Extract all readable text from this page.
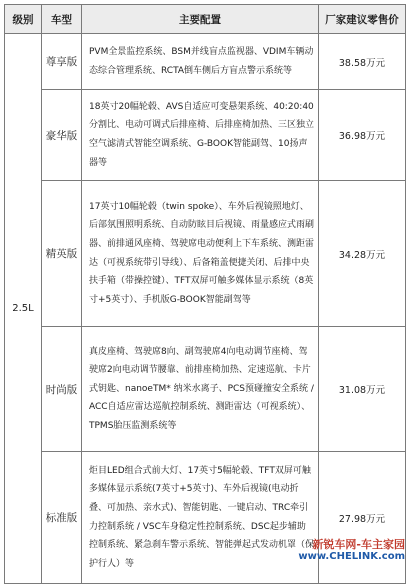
级别	车型	主要配置	厂家建议零售价
2.5L	尊享版	PVM全景监控系统、BSM并线盲点监视器、VDIM车辆动态综合管理系统、RCTA倒车侧后方盲点警示系统等	38.58万元
	豪华版	18英寸20幅轮毂、AVS自适应可变悬架系统、40:20:40分割比、电动可调式后排座椅、后排座椅加热、三区独立空气滤清式智能空调系统、G-BOOK智能副驾、10扬声器等	36.98万元
	精英版	17英寸10幅轮毂（twin spoke）、车外后视镜照地灯、后部氛围照明系统、自动防眩目后视镜、雨量感应式雨刷器、前排通风座椅、驾驶席电动便利上下车系统、测距雷达（可视系统带引导线）、后备箱盖便捷关闭、后排中央扶手箱（带操控键）、TFT双屏可触多媒体显示系统（8英寸+5英寸）、手机版G-BOOK智能副驾等	34.28万元
	时尚版	真皮座椅、驾驶席8向、副驾驶席4向电动调节座椅、驾驶席2向电动调节腰靠、前排座椅加热、定速巡航、卡片式钥匙、nanoeTM* 纳米水离子、PCS预碰撞安全系统 / ACC自适应雷达巡航控制系统、测距雷达（可视系统）、TPMS胎压监测系统等	31.08万元
	标准版	炬目LED组合式前大灯、17英寸5幅轮毂、TFT双屏可触多媒体显示系统(7英寸+5英寸)、车外后视镜(电动折叠、可加热、亲水式)、智能钥匙、一键启动、TRC牵引力控制系统 / VSC车身稳定性控制系统、DSC起步辅助控制系统、紧急刹车警示系统、智能弹起式发动机罩（保护行人）等	27.98万元
新锐车网-车主家园
www.CHELINK.com
